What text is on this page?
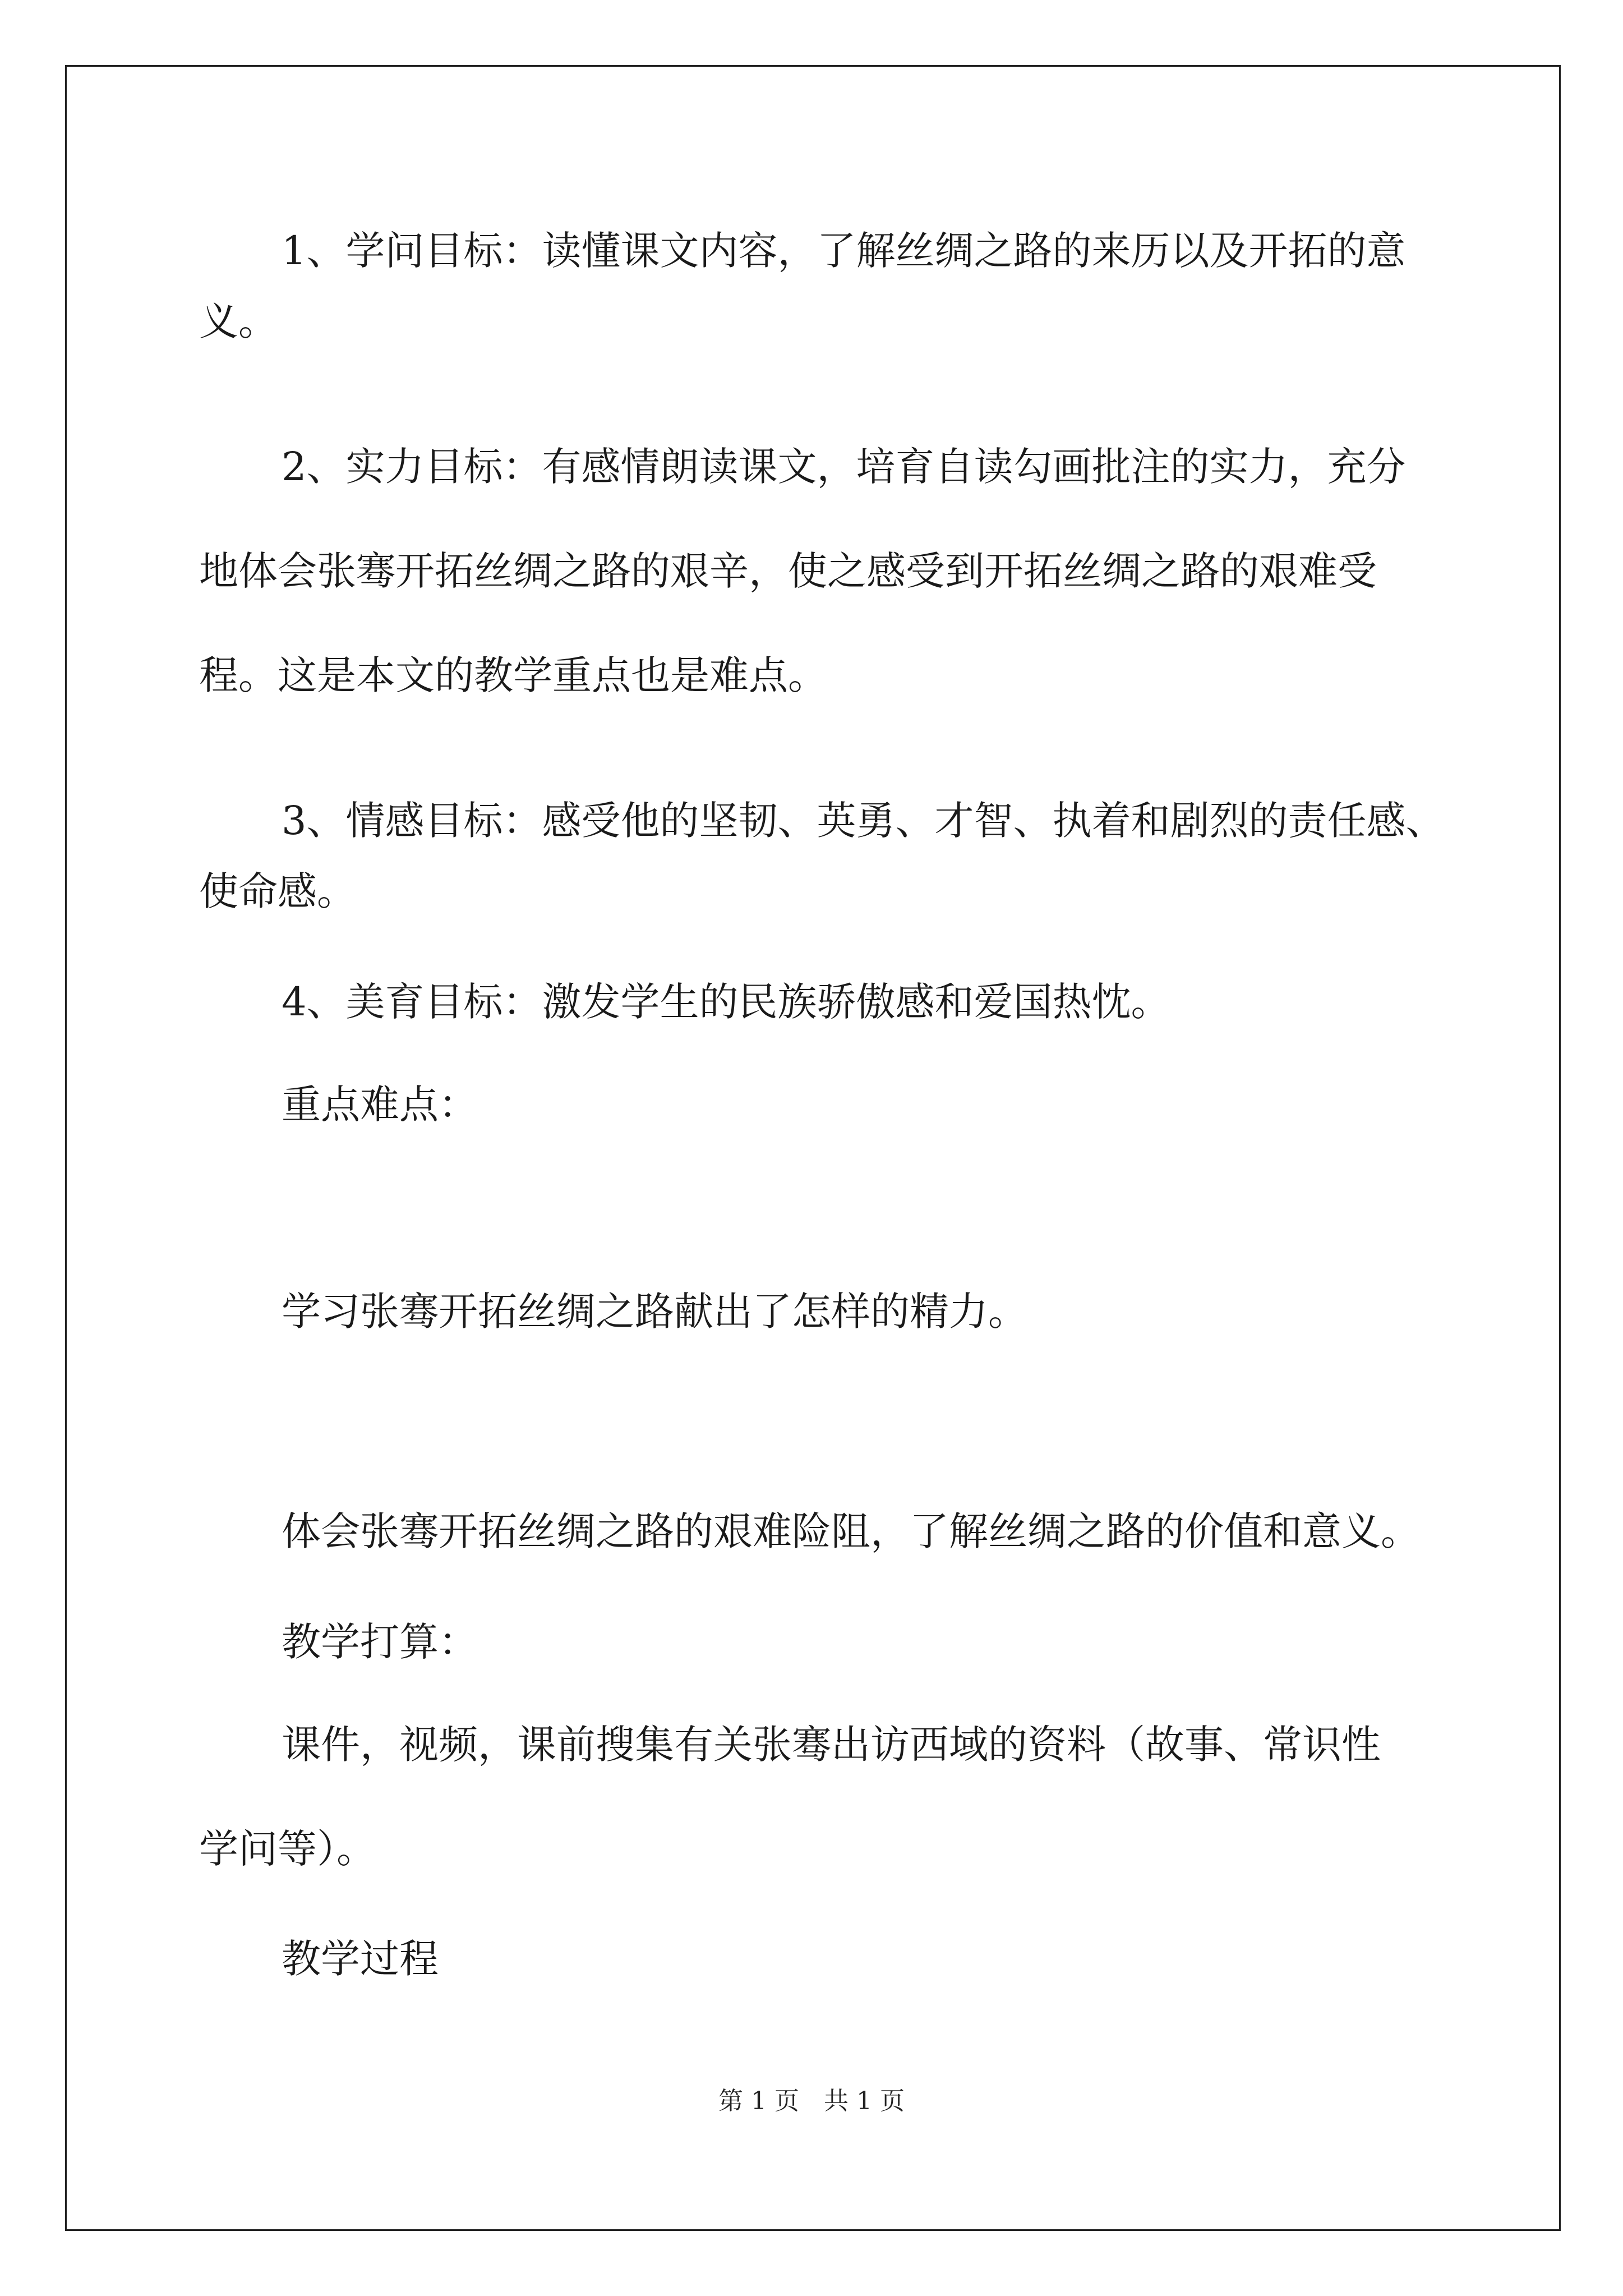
1、学问目标：读懂课文内容，了解丝绸之路的来历以及开拓的意

义。

2、实力目标：有感情朗读课文，培育自读勾画批注的实力，充分

地体会张骞开拓丝绸之路的艰辛，使之感受到开拓丝绸之路的艰难受

程。这是本文的教学重点也是难点。

3、情感目标：感受他的坚韧、英勇、才智、执着和剧烈的责任感、

使命感。

4、美育目标：激发学生的民族骄傲感和爱国热忱。

重点难点：

学习张骞开拓丝绸之路献出了怎样的精力。

体会张骞开拓丝绸之路的艰难险阻，了解丝绸之路的价值和意义。

教学打算：

课件，视频，课前搜集有关张骞出访西域的资料（故事、常识性

学问等）。

教学过程

第 1 页 共 1 页
